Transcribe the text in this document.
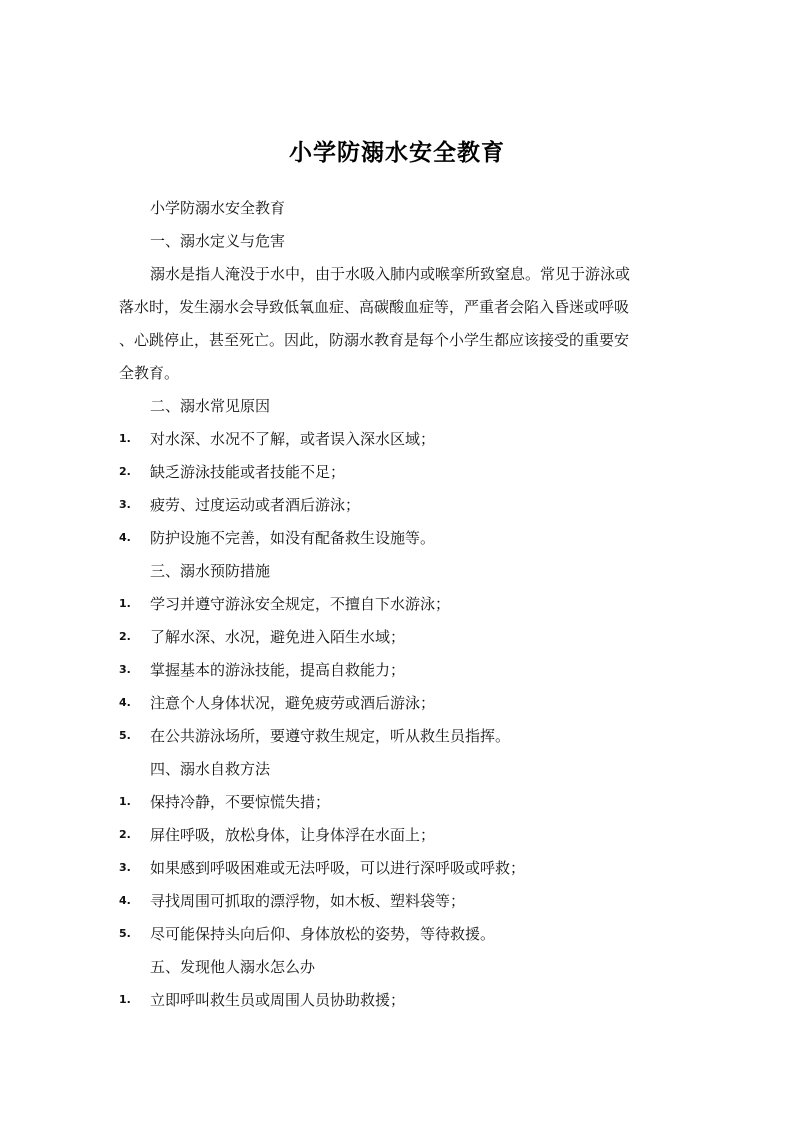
小学防溺水安全教育
小学防溺水安全教育
一、溺水定义与危害
溺水是指人淹没于水中，由于水吸入肺内或喉挛所致窒息。常见于游泳或
落水时，发生溺水会导致低氧血症、高碳酸血症等，严重者会陷入昏迷或呼吸
、心跳停止，甚至死亡。因此，防溺水教育是每个小学生都应该接受的重要安
全教育。
二、溺水常见原因
1. 对水深、水况不了解，或者误入深水区域；
2. 缺乏游泳技能或者技能不足；
3. 疲劳、过度运动或者酒后游泳；
4. 防护设施不完善，如没有配备救生设施等。
三、溺水预防措施
1. 学习并遵守游泳安全规定，不擅自下水游泳；
2. 了解水深、水况，避免进入陌生水域；
3. 掌握基本的游泳技能，提高自救能力；
4. 注意个人身体状况，避免疲劳或酒后游泳；
5. 在公共游泳场所，要遵守救生规定，听从救生员指挥。
四、溺水自救方法
1. 保持冷静，不要惊慌失措；
2. 屏住呼吸，放松身体，让身体浮在水面上；
3. 如果感到呼吸困难或无法呼吸，可以进行深呼吸或呼救；
4. 寻找周围可抓取的漂浮物，如木板、塑料袋等；
5. 尽可能保持头向后仰、身体放松的姿势，等待救援。
五、发现他人溺水怎么办
1. 立即呼叫救生员或周围人员协助救援；
